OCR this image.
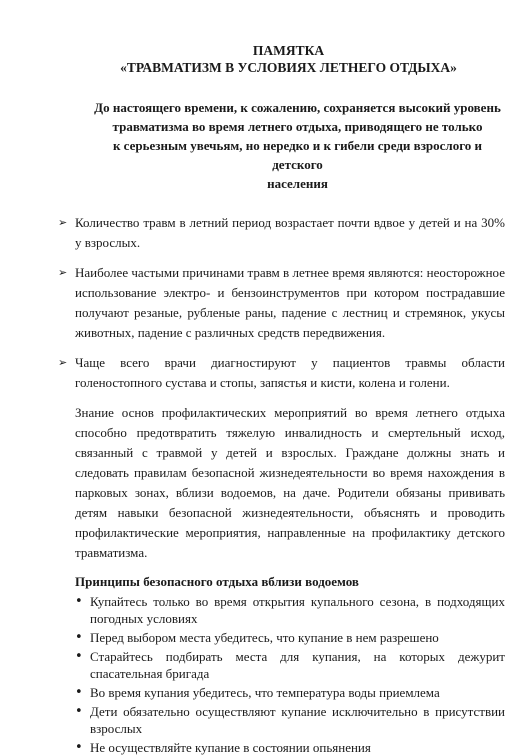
ПАМЯТКА

«ТРАВМАТИЗМ В УСЛОВИЯХ ЛЕТНЕГО ОТДЫХА»

До настоящего времени, к сожалению, сохраняется высокий уровень
травматизма во время летнего отдыха, приводящего не только
к серьезным увечьям, но нередко и к гибели среди взрослого и детского
населения
➢ Количество травм в летний период возрастает почти вдвое у детей и на 30% у взрослых.
➢ Наиболее частыми причинами травм в летнее время являются: неосторожное использование электро- и бензоинструментов при котором пострадавшие получают резаные, рубленые раны, падение с лестниц и стремянок, укусы животных, падение с различных средств передвижения.
➢ Чаще всего врачи диагностируют у пациентов травмы области голеностопного сустава и стопы, запястья и кисти, колена и голени.

Знание основ профилактических мероприятий во время летнего отдыха способно предотвратить тяжелую инвалидность и смертельный исход, связанный с травмой у детей и взрослых. Граждане должны знать и следовать правилам безопасной жизнедеятельности во время нахождения в парковых зонах, вблизи водоемов, на даче. Родители обязаны прививать детям навыки безопасной жизнедеятельности, объяснять и проводить профилактические мероприятия, направленные на профилактику детского травматизма.

Принципы безопасного отдыха вблизи водоемов
• Купайтесь только во время открытия купального сезона, в подходящих погодных условиях
• Перед выбором места убедитесь, что купание в нем разрешено
• Старайтесь подбирать места для купания, на которых дежурит спасательная бригада
• Во время купания убедитесь, что температура воды приемлема
• Дети обязательно осуществляют купание исключительно в присутствии взрослых
• Не осуществляйте купание в состоянии опьянения
